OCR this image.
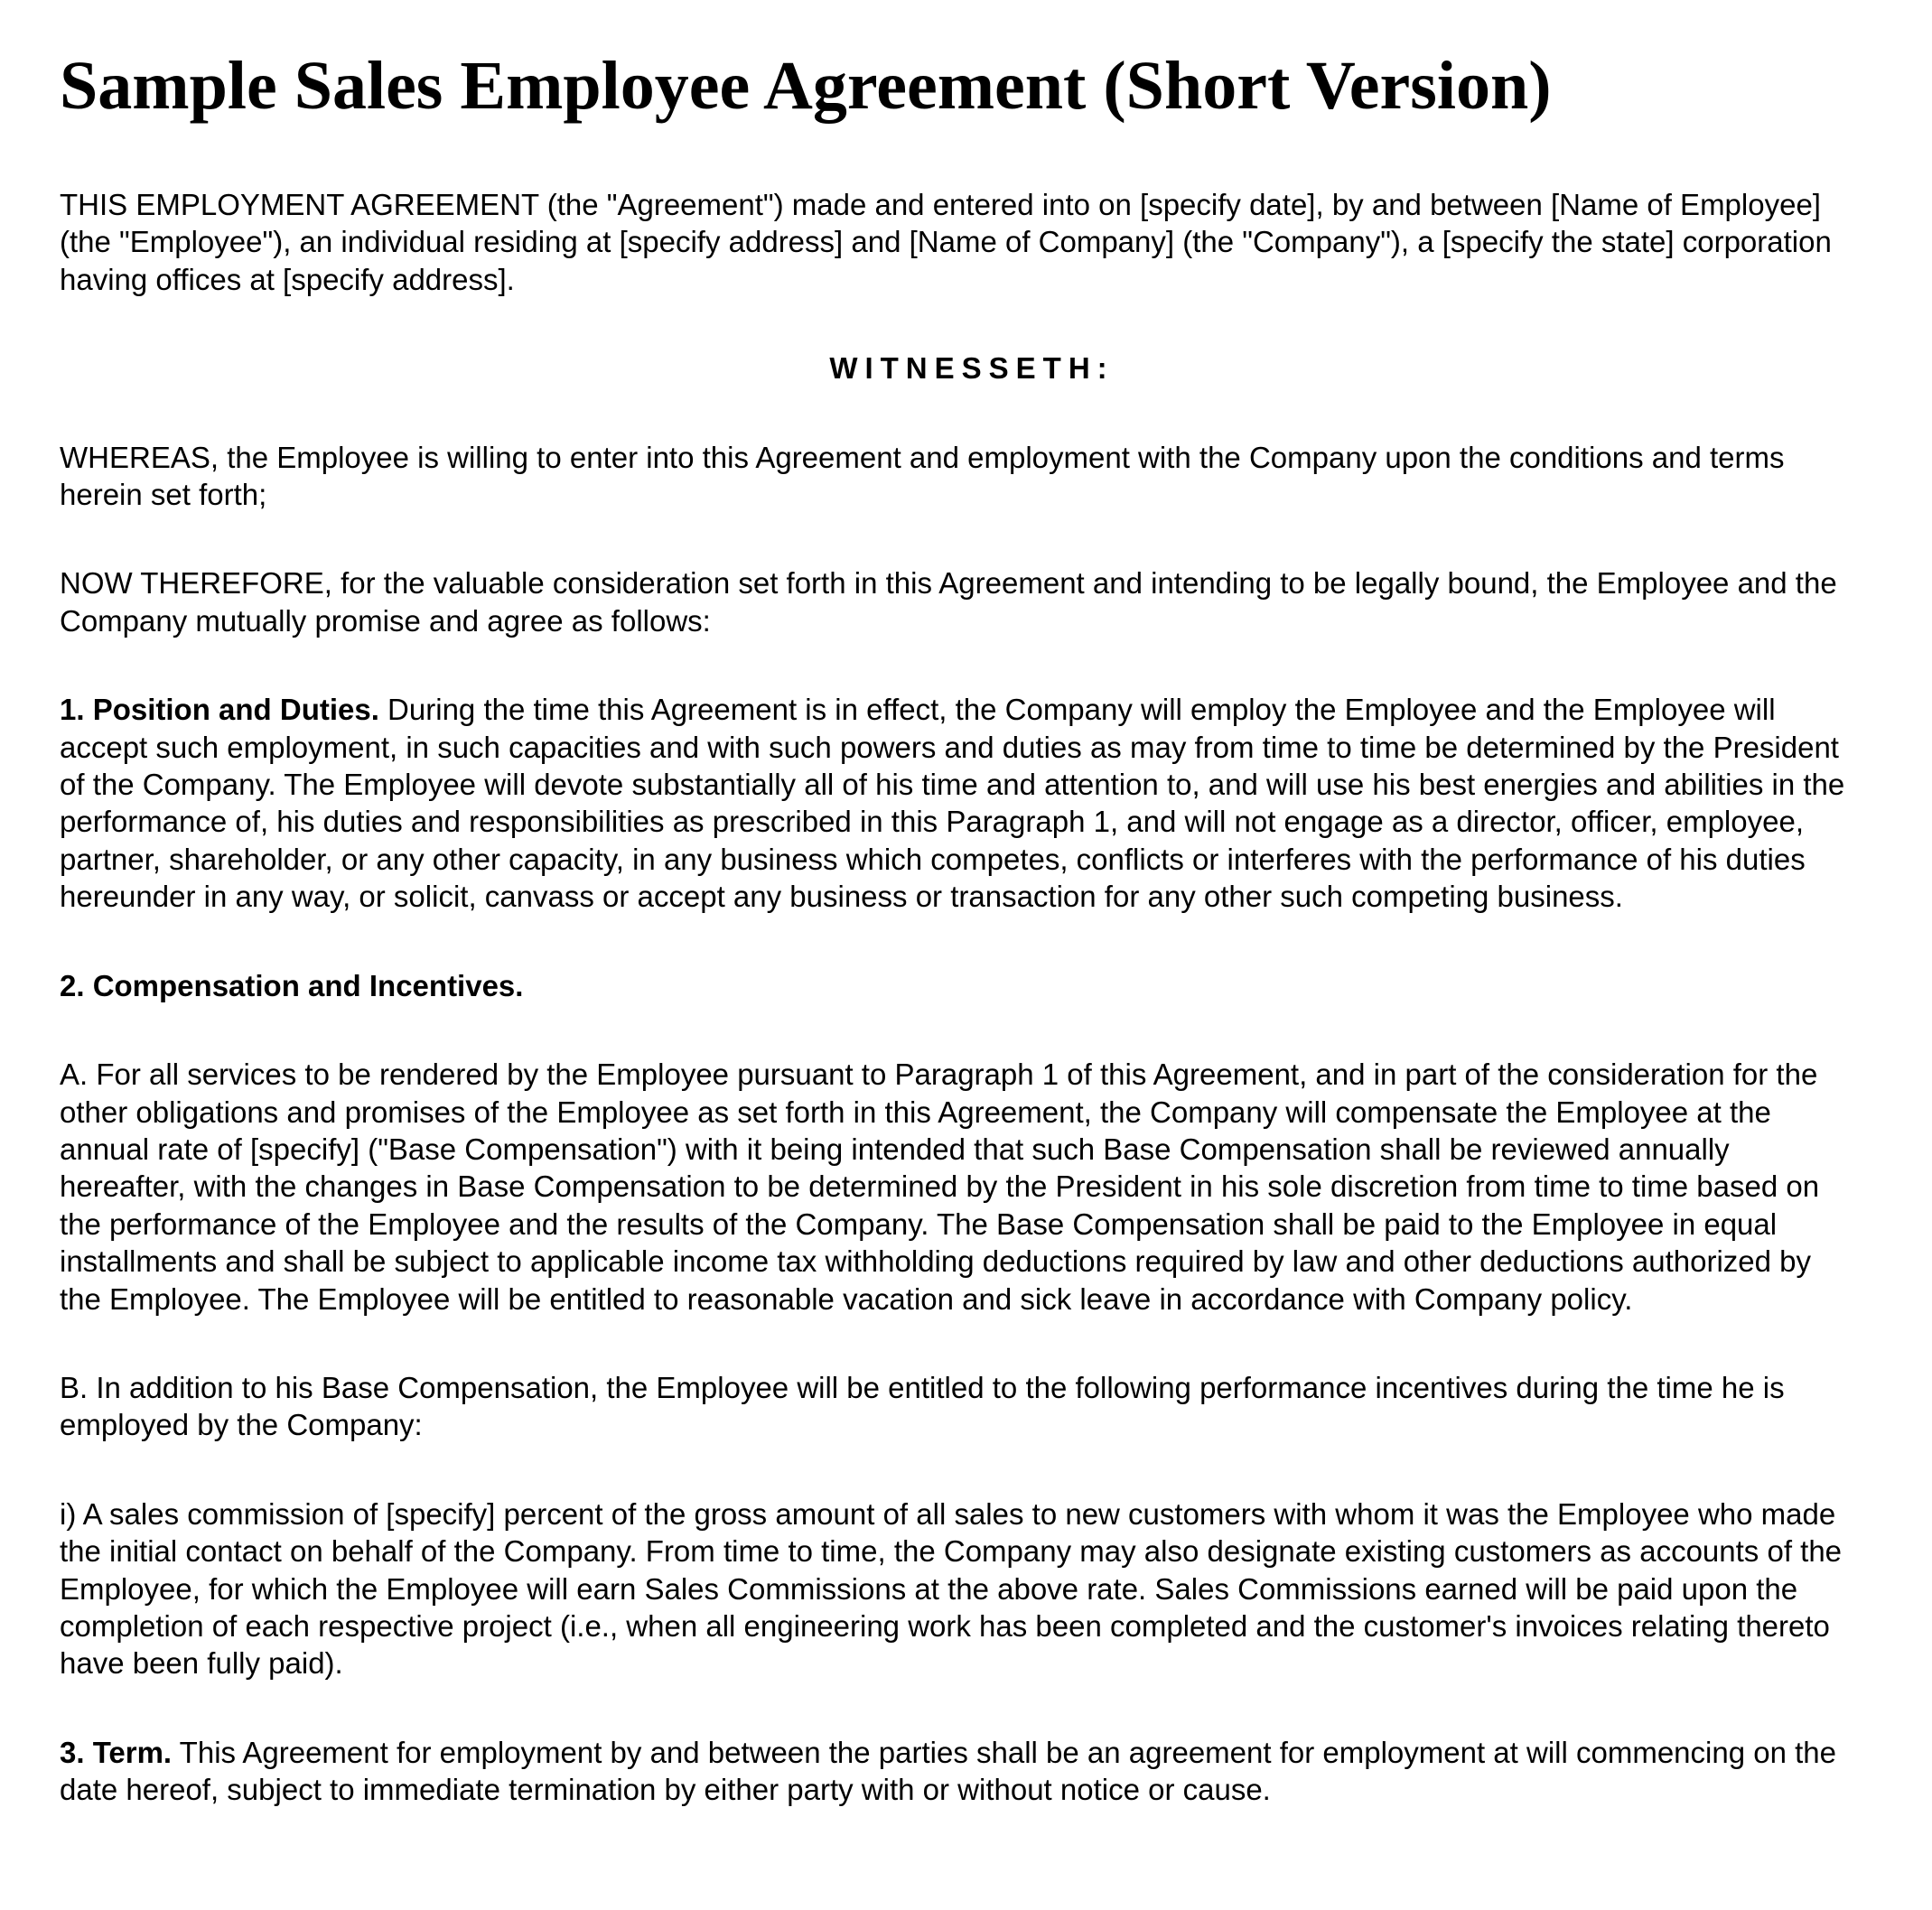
Sample Sales Employee Agreement (Short Version)

THIS EMPLOYMENT AGREEMENT (the "Agreement") made and entered into on [specify date], by and between [Name of Employee] (the "Employee"), an individual residing at [specify address] and [Name of Company] (the "Company"), a [specify the state] corporation having offices at [specify address].

WITNESSETH:

WHEREAS, the Employee is willing to enter into this Agreement and employment with the Company upon the conditions and terms herein set forth;

NOW THEREFORE, for the valuable consideration set forth in this Agreement and intending to be legally bound, the Employee and the Company mutually promise and agree as follows:

1. Position and Duties. During the time this Agreement is in effect, the Company will employ the Employee and the Employee will accept such employment, in such capacities and with such powers and duties as may from time to time be determined by the President of the Company. The Employee will devote substantially all of his time and attention to, and will use his best energies and abilities in the performance of, his duties and responsibilities as prescribed in this Paragraph 1, and will not engage as a director, officer, employee, partner, shareholder, or any other capacity, in any business which competes, conflicts or interferes with the performance of his duties hereunder in any way, or solicit, canvass or accept any business or transaction for any other such competing business.

2. Compensation and Incentives.

A. For all services to be rendered by the Employee pursuant to Paragraph 1 of this Agreement, and in part of the consideration for the other obligations and promises of the Employee as set forth in this Agreement, the Company will compensate the Employee at the annual rate of [specify] ("Base Compensation") with it being intended that such Base Compensation shall be reviewed annually hereafter, with the changes in Base Compensation to be determined by the President in his sole discretion from time to time based on the performance of the Employee and the results of the Company. The Base Compensation shall be paid to the Employee in equal installments and shall be subject to applicable income tax withholding deductions required by law and other deductions authorized by the Employee. The Employee will be entitled to reasonable vacation and sick leave in accordance with Company policy.

B. In addition to his Base Compensation, the Employee will be entitled to the following performance incentives during the time he is employed by the Company:

i) A sales commission of [specify] percent of the gross amount of all sales to new customers with whom it was the Employee who made the initial contact on behalf of the Company. From time to time, the Company may also designate existing customers as accounts of the Employee, for which the Employee will earn Sales Commissions at the above rate. Sales Commissions earned will be paid upon the completion of each respective project (i.e., when all engineering work has been completed and the customer's invoices relating thereto have been fully paid).

3. Term. This Agreement for employment by and between the parties shall be an agreement for employment at will commencing on the date hereof, subject to immediate termination by either party with or without notice or cause.
